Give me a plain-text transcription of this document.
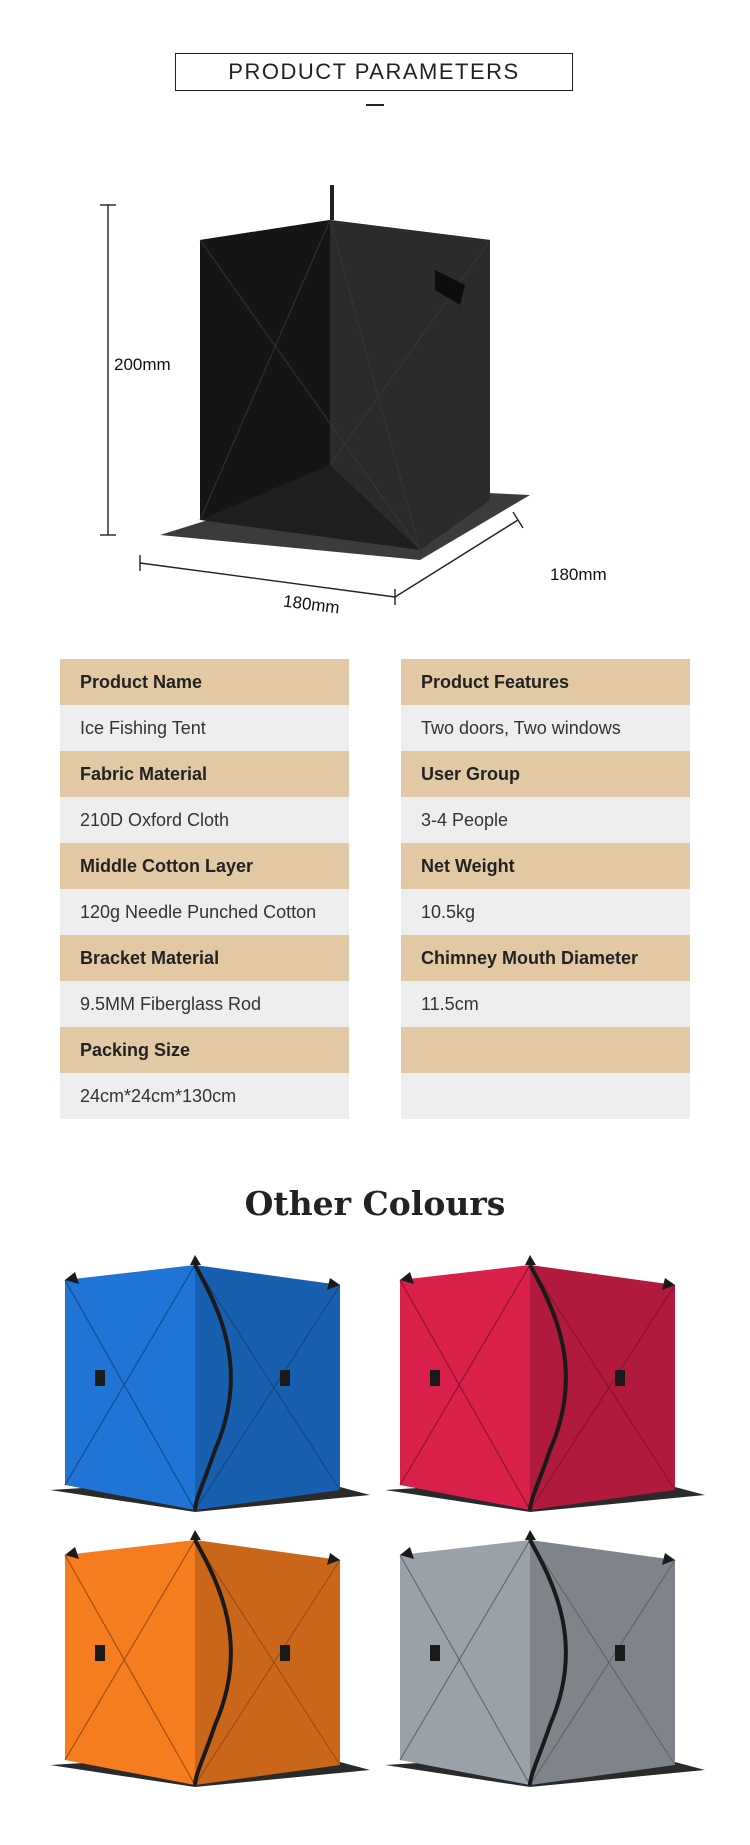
PRODUCT PARAMETERS
200mm
180mm
180mm
Product Name
Ice Fishing Tent
Fabric Material
210D Oxford Cloth
Middle Cotton Layer
120g Needle Punched Cotton
Bracket Material
9.5MM Fiberglass Rod
Packing Size
24cm*24cm*130cm
Product Features
Two doors, Two windows
User Group
3-4 People
Net Weight
10.5kg
Chimney Mouth Diameter
11.5cm
Other Colours
